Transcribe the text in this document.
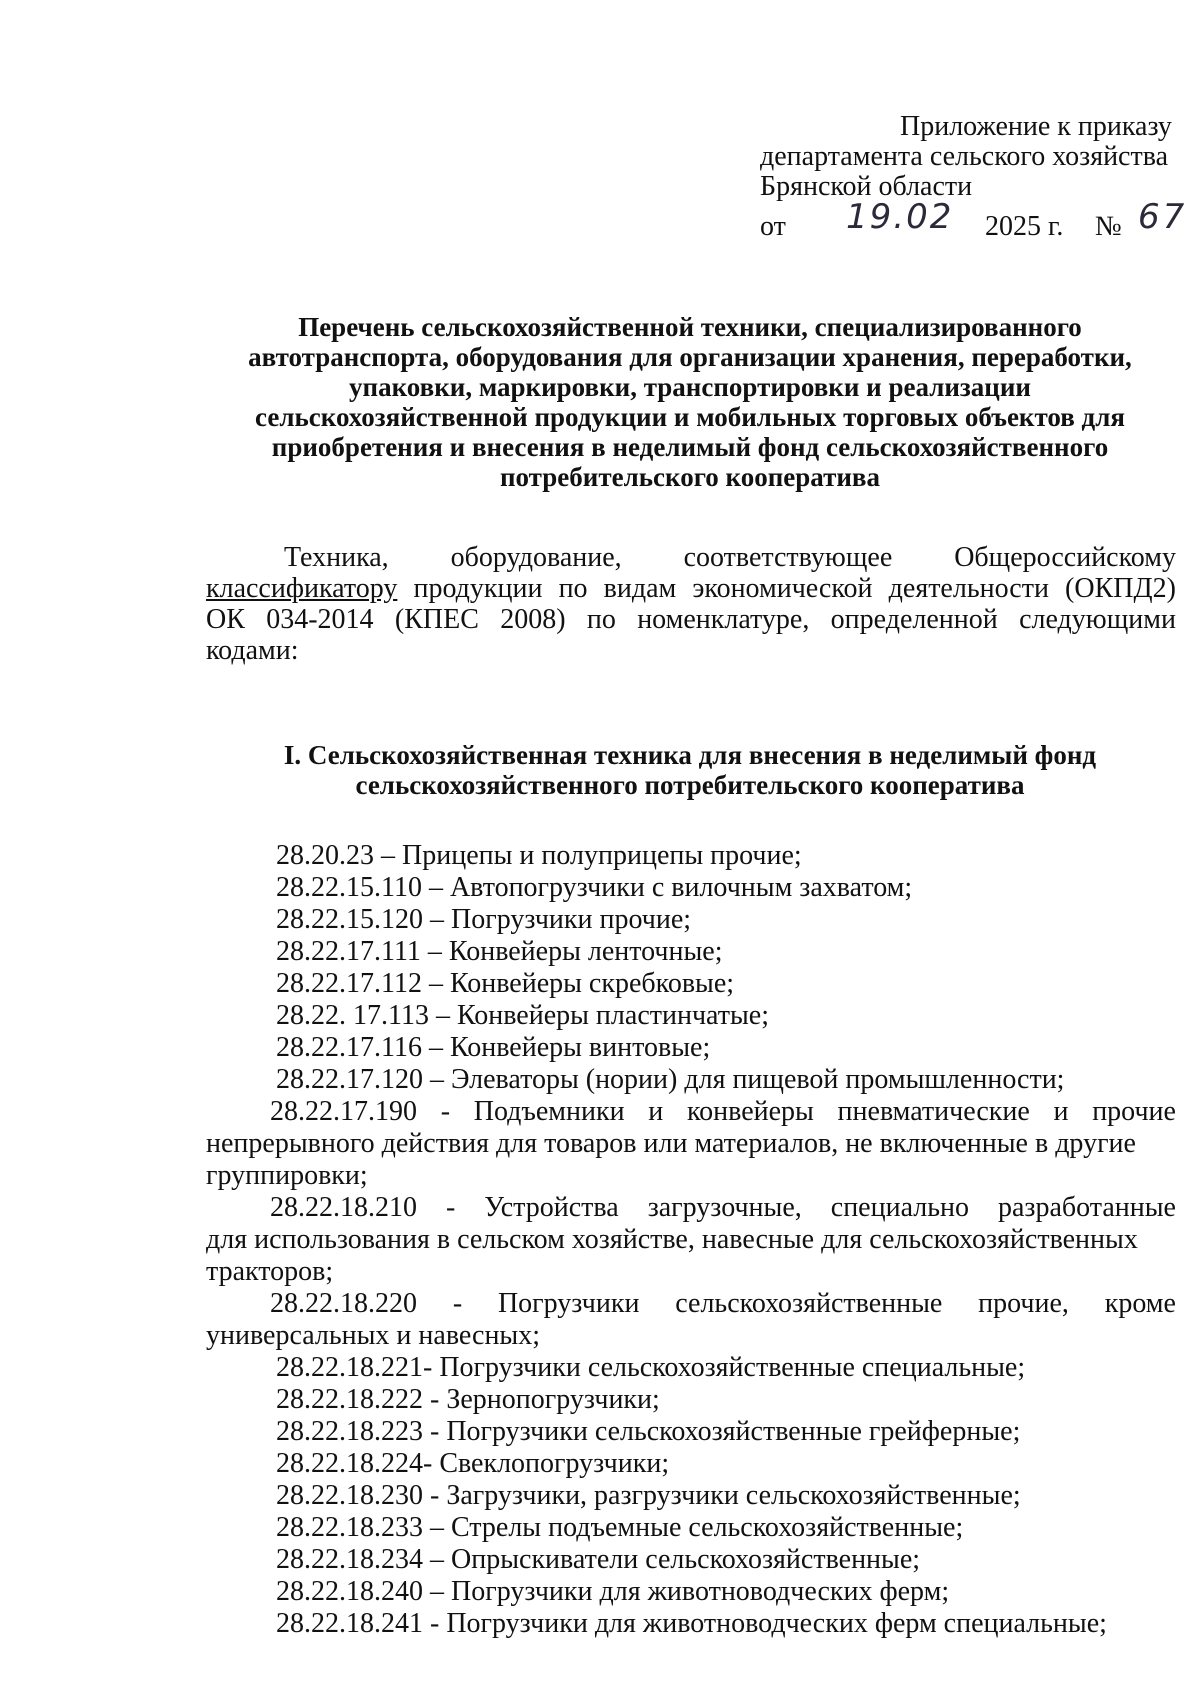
Приложение к приказу
департамента сельского хозяйства
Брянской области
от 19.02 2025 г. № 67
Перечень сельскохозяйственной техники, специализированного
автотранспорта, оборудования для организации хранения, переработки,
упаковки, маркировки, транспортировки и реализации
сельскохозяйственной продукции и мобильных торговых объектов для
приобретения и внесения в неделимый фонд сельскохозяйственного
потребительского кооператива
Техника, оборудование, соответствующее Общероссийскому
классификатору продукции по видам экономической деятельности (ОКПД2)
ОК 034-2014 (КПЕС 2008) по номенклатуре, определенной следующими
кодами:
I. Сельскохозяйственная техника для внесения в неделимый фонд
сельскохозяйственного потребительского кооператива
28.20.23 – Прицепы и полуприцепы прочие;
28.22.15.110 – Автопогрузчики с вилочным захватом;
28.22.15.120 – Погрузчики прочие;
28.22.17.111 – Конвейеры ленточные;
28.22.17.112 – Конвейеры скребковые;
28.22. 17.113 – Конвейеры пластинчатые;
28.22.17.116 – Конвейеры винтовые;
28.22.17.120 – Элеваторы (нории) для пищевой промышленности;
28.22.17.190 - Подъемники и конвейеры пневматические и прочие
непрерывного действия для товаров или материалов, не включенные в другие
группировки;
28.22.18.210 - Устройства загрузочные, специально разработанные
для использования в сельском хозяйстве, навесные для сельскохозяйственных
тракторов;
28.22.18.220 - Погрузчики сельскохозяйственные прочие, кроме
универсальных и навесных;
28.22.18.221- Погрузчики сельскохозяйственные специальные;
28.22.18.222 - Зернопогрузчики;
28.22.18.223 - Погрузчики сельскохозяйственные грейферные;
28.22.18.224- Свеклопогрузчики;
28.22.18.230 - Загрузчики, разгрузчики сельскохозяйственные;
28.22.18.233 – Стрелы подъемные сельскохозяйственные;
28.22.18.234 – Опрыскиватели сельскохозяйственные;
28.22.18.240 – Погрузчики для животноводческих ферм;
28.22.18.241 - Погрузчики для животноводческих ферм специальные;
